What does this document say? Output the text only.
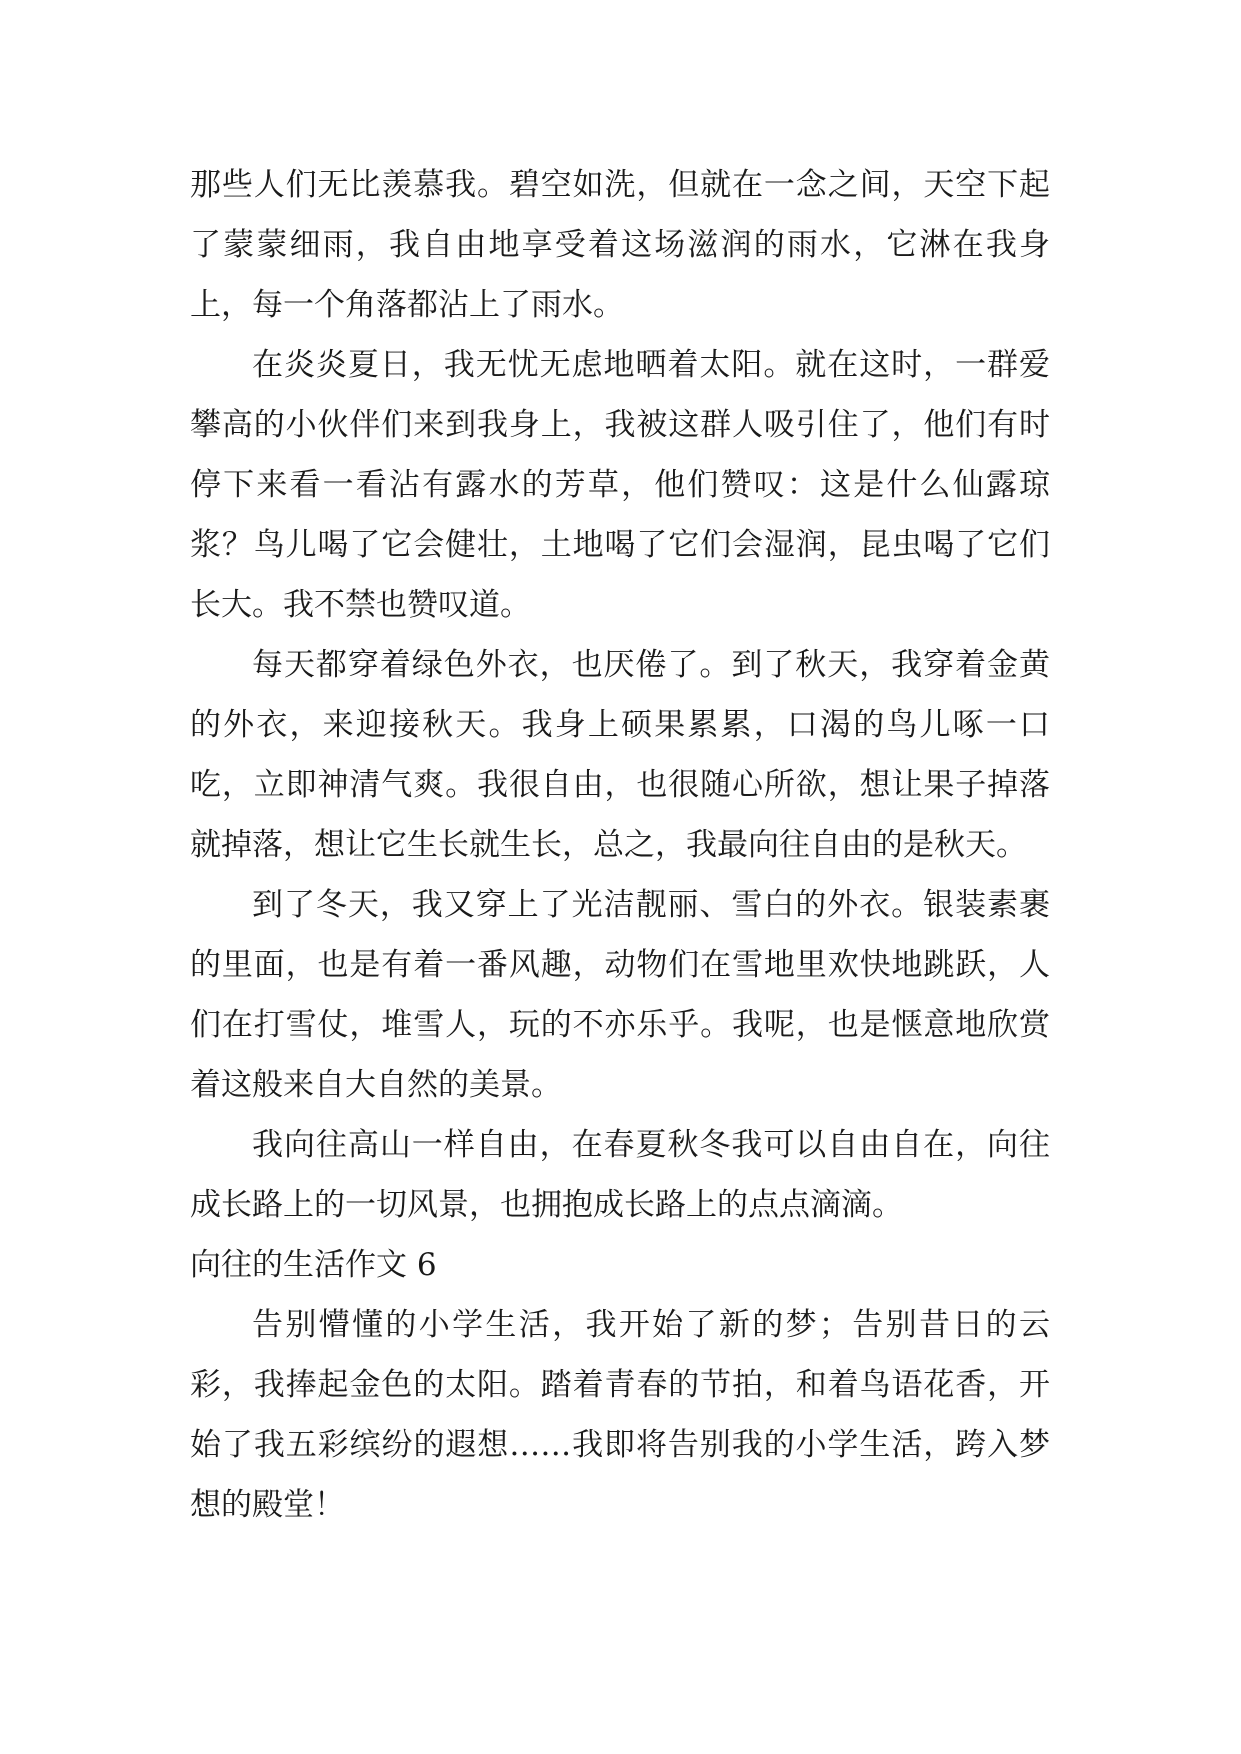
那些人们无比羡慕我。碧空如洗，但就在一念之间，天空下起了蒙蒙细雨，我自由地享受着这场滋润的雨水，它淋在我身上，每一个角落都沾上了雨水。

在炎炎夏日，我无忧无虑地晒着太阳。就在这时，一群爱攀高的小伙伴们来到我身上，我被这群人吸引住了，他们有时停下来看一看沾有露水的芳草，他们赞叹：这是什么仙露琼浆？鸟儿喝了它会健壮，土地喝了它们会湿润，昆虫喝了它们长大。我不禁也赞叹道。

每天都穿着绿色外衣，也厌倦了。到了秋天，我穿着金黄的外衣，来迎接秋天。我身上硕果累累，口渴的鸟儿啄一口吃，立即神清气爽。我很自由，也很随心所欲，想让果子掉落就掉落，想让它生长就生长，总之，我最向往自由的是秋天。

到了冬天，我又穿上了光洁靓丽、雪白的外衣。银装素裹的里面，也是有着一番风趣，动物们在雪地里欢快地跳跃，人们在打雪仗，堆雪人，玩的不亦乐乎。我呢，也是惬意地欣赏着这般来自大自然的美景。

我向往高山一样自由，在春夏秋冬我可以自由自在，向往成长路上的一切风景，也拥抱成长路上的点点滴滴。

向往的生活作文 6

告别懵懂的小学生活，我开始了新的梦；告别昔日的云彩，我捧起金色的太阳。踏着青春的节拍，和着鸟语花香，开始了我五彩缤纷的遐想……我即将告别我的小学生活，跨入梦想的殿堂！
